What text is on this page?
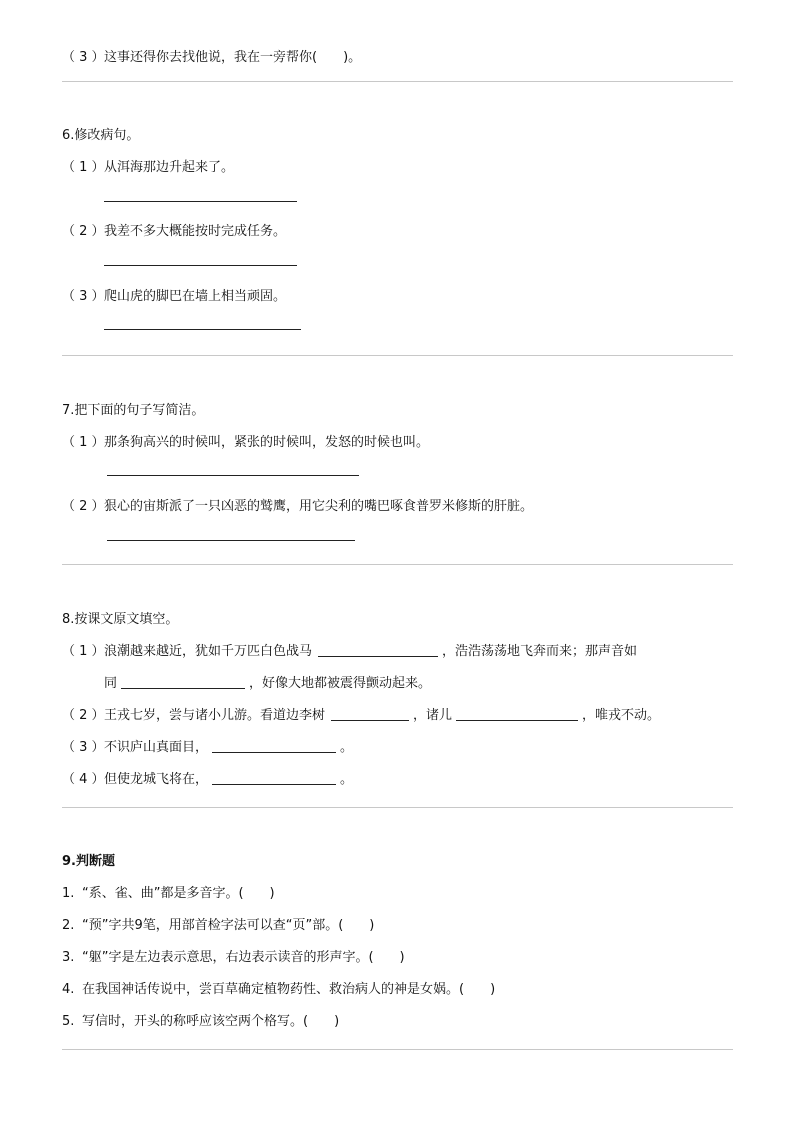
（ 3 ）这事还得你去找他说，我在一旁帮你(　　)。
6.修改病句。
（ 1 ）从洱海那边升起来了。
（ 2 ）我差不多大概能按时完成任务。
（ 3 ）爬山虎的脚巴在墙上相当顽固。
7.把下面的句子写简洁。
（ 1 ）那条狗高兴的时候叫，紧张的时候叫，发怒的时候也叫。
（ 2 ）狠心的宙斯派了一只凶恶的鹫鹰，用它尖利的嘴巴啄食普罗米修斯的肝脏。
8.按课文原文填空。
（ 1 ）浪潮越来越近，犹如千万匹白色战马	，浩浩荡荡地飞奔而来；那声音如
同	，好像大地都被震得颤动起来。
（ 2 ）王戎七岁，尝与诸小儿游。看道边李树	，诸儿	，唯戎不动。
（ 3 ）不识庐山真面目，	。
（ 4 ）但使龙城飞将在，	。
9.判断题
1. “系、雀、曲”都是多音字。(　　)
2. “预”字共9笔，用部首检字法可以查“页”部。(　　)
3. “躯”字是左边表示意思，右边表示读音的形声字。(　　)
4. 在我国神话传说中，尝百草确定植物药性、救治病人的神是女娲。(　　)
5. 写信时，开头的称呼应该空两个格写。(　　)
